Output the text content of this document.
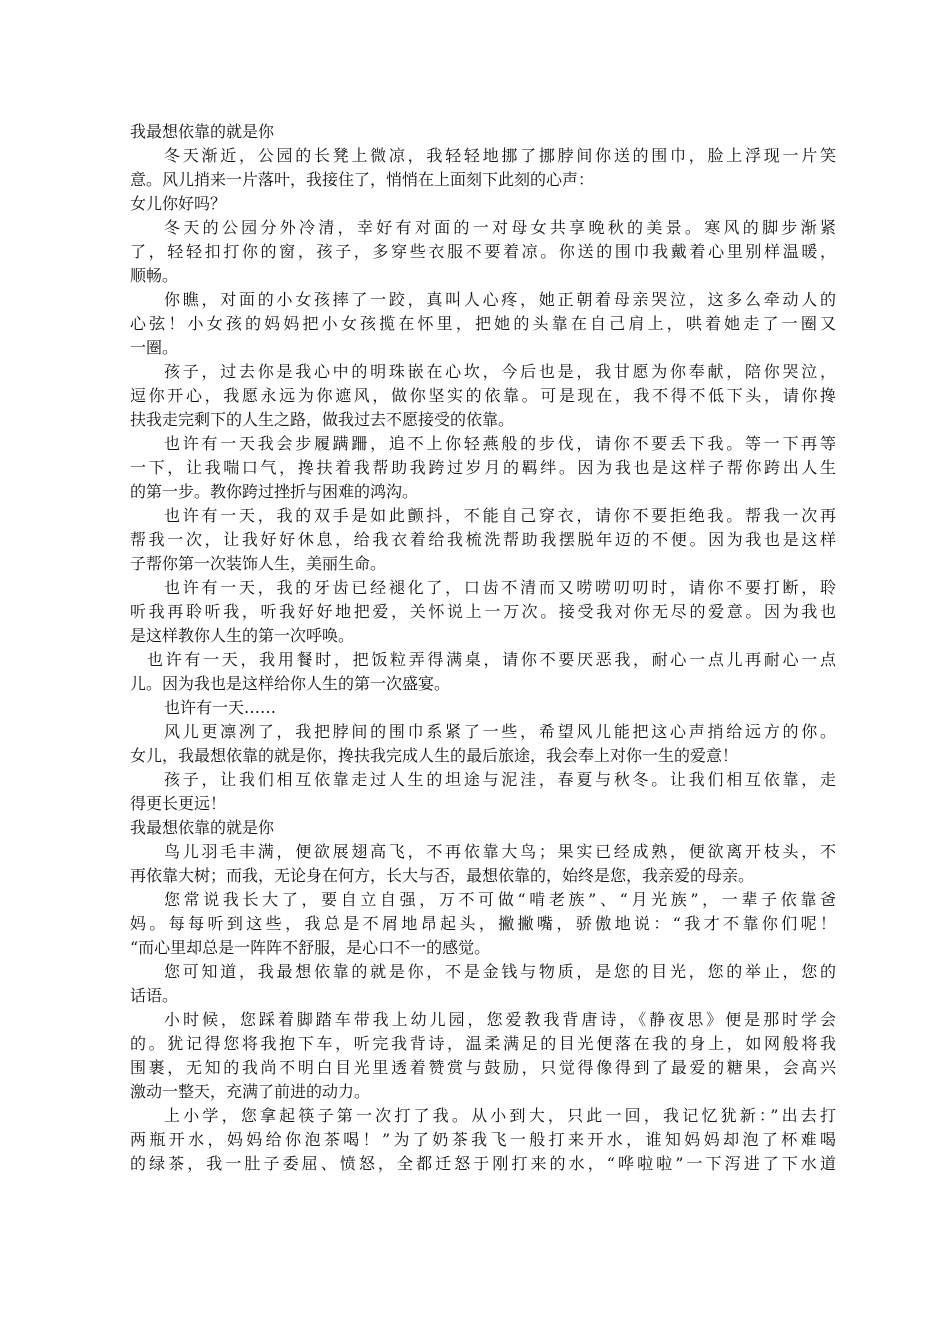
我最想依靠的就是你
冬天渐近，公园的长凳上微凉，我轻轻地挪了挪脖间你送的围巾，脸上浮现一片笑
意。风儿捎来一片落叶，我接住了，悄悄在上面刻下此刻的心声：
女儿你好吗？
冬天的公园分外冷清，幸好有对面的一对母女共享晚秋的美景。寒风的脚步渐紧
了，轻轻扣打你的窗，孩子，多穿些衣服不要着凉。你送的围巾我戴着心里别样温暖，
顺畅。
你瞧，对面的小女孩摔了一跤，真叫人心疼，她正朝着母亲哭泣，这多么牵动人的
心弦！小女孩的妈妈把小女孩揽在怀里，把她的头靠在自己肩上，哄着她走了一圈又
一圈。
孩子，过去你是我心中的明珠嵌在心坎，今后也是，我甘愿为你奉献，陪你哭泣，
逗你开心，我愿永远为你遮风，做你坚实的依靠。可是现在，我不得不低下头，请你搀
扶我走完剩下的人生之路，做我过去不愿接受的依靠。
也许有一天我会步履蹒跚，追不上你轻燕般的步伐，请你不要丢下我。等一下再等
一下，让我喘口气，搀扶着我帮助我跨过岁月的羁绊。因为我也是这样子帮你跨出人生
的第一步。教你跨过挫折与困难的鸿沟。
也许有一天，我的双手是如此颤抖，不能自己穿衣，请你不要拒绝我。帮我一次再
帮我一次，让我好好休息，给我衣着给我梳洗帮助我摆脱年迈的不便。因为我也是这样
子帮你第一次装饰人生，美丽生命。
也许有一天，我的牙齿已经褪化了，口齿不清而又唠唠叨叨时，请你不要打断，聆
听我再聆听我，听我好好地把爱，关怀说上一万次。接受我对你无尽的爱意。因为我也
是这样教你人生的第一次呼唤。
也许有一天，我用餐时，把饭粒弄得满桌，请你不要厌恶我，耐心一点儿再耐心一点
儿。因为我也是这样给你人生的第一次盛宴。
也许有一天……
风儿更凛冽了，我把脖间的围巾系紧了一些，希望风儿能把这心声捎给远方的你。
女儿，我最想依靠的就是你，搀扶我完成人生的最后旅途，我会奉上对你一生的爱意！
孩子，让我们相互依靠走过人生的坦途与泥洼，春夏与秋冬。让我们相互依靠，走
得更长更远！
我最想依靠的就是你
鸟儿羽毛丰满，便欲展翅高飞，不再依靠大鸟；果实已经成熟，便欲离开枝头，不
再依靠大树；而我，无论身在何方，长大与否，最想依靠的，始终是您，我亲爱的母亲。
您常说我长大了，要自立自强，万不可做“啃老族”、“月光族”，一辈子依靠爸
妈。每每听到这些，我总是不屑地昂起头，撇撇嘴，骄傲地说：“我才不靠你们呢！
“而心里却总是一阵阵不舒服，是心口不一的感觉。
您可知道，我最想依靠的就是你，不是金钱与物质，是您的目光，您的举止，您的
话语。
小时候，您踩着脚踏车带我上幼儿园，您爱教我背唐诗，《静夜思》便是那时学会
的。犹记得您将我抱下车，听完我背诗，温柔满足的目光便落在我的身上，如网般将我
围裹，无知的我尚不明白目光里透着赞赏与鼓励，只觉得像得到了最爱的糖果，会高兴
激动一整天，充满了前进的动力。
上小学，您拿起筷子第一次打了我。从小到大，只此一回，我记忆犹新：”出去打
两瓶开水，妈妈给你泡茶喝！”为了奶茶我飞一般打来开水，谁知妈妈却泡了杯难喝
的绿茶，我一肚子委屈、愤怒，全都迁怒于刚打来的水，“哗啦啦”一下泻进了下水道
